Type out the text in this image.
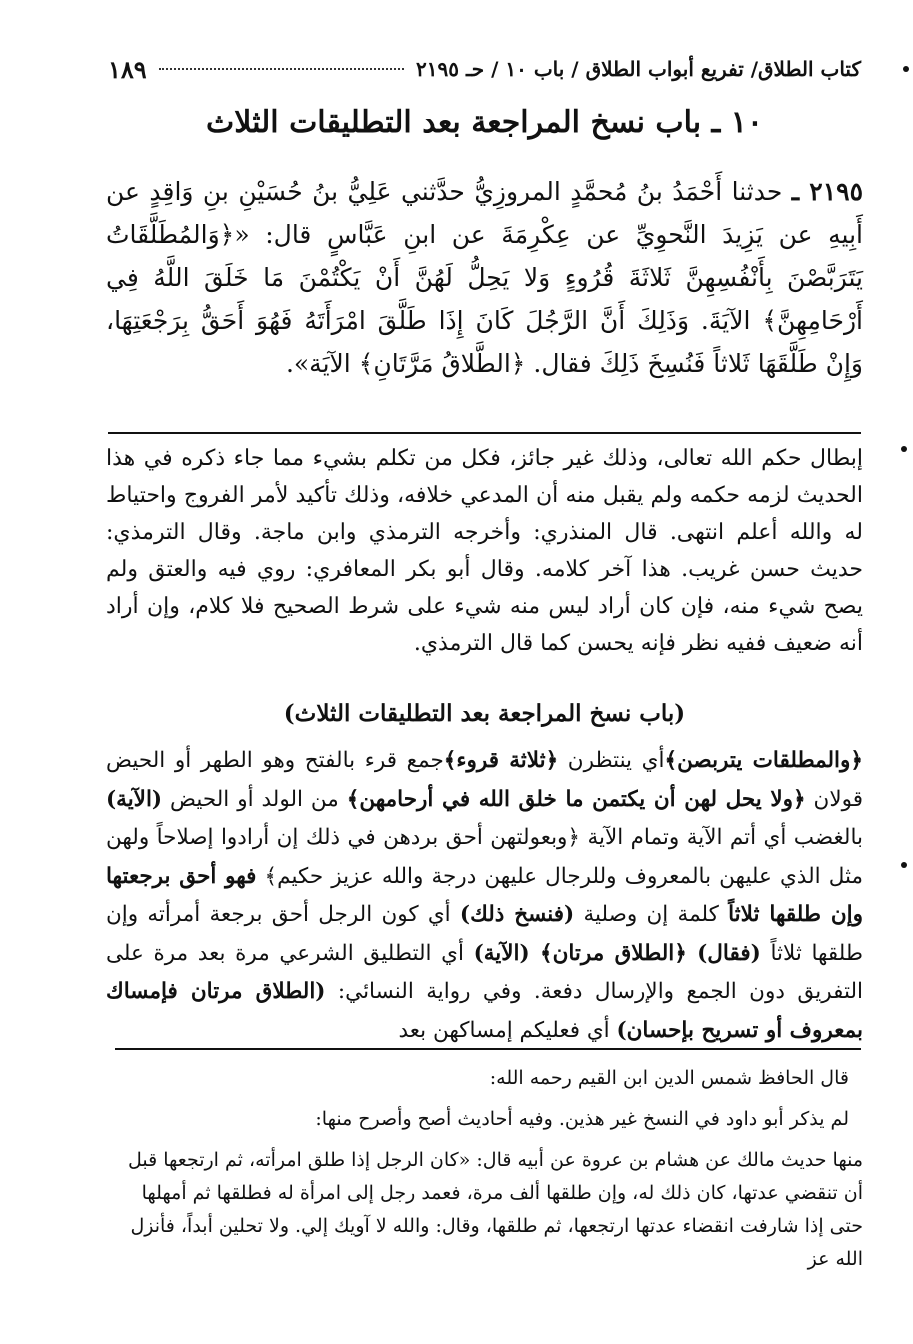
كتاب الطلاق/ تفريع أبواب الطلاق / باب ١٠ / حـ ٢١٩٥
١٨٩
١٠ ـ باب نسخ المراجعة بعد التطليقات الثلاث

٢١٩٥ ـ حدثنا أَحْمَدُ بنُ مُحمَّدٍ المروزِيُّ حدَّثني عَلِيُّ بنُ حُسَيْنِ بنِ وَاقِدٍ عن أَبِيهِ عن يَزِيدَ النَّحوِيِّ عن عِكْرِمَةَ عن ابنِ عَبَّاسٍ قال: «﴿وَالمُطَلَّقَاتُ يَتَرَبَّصْنَ بِأَنْفُسِهِنَّ ثَلاثَةَ قُرُوءٍ وَلا يَحِلُّ لَهُنَّ أَنْ يَكْتُمْنَ مَا خَلَقَ اللَّهُ فِي أَرْحَامِهِنَّ﴾ الآيَةَ. وَذَلِكَ أَنَّ الرَّجُلَ كَانَ إِذَا طَلَّقَ امْرَأَتَهُ فَهُوَ أَحَقُّ بِرَجْعَتِهَا، وَإِنْ طَلَّقَهَا ثَلاثاً فَنُسِخَ ذَلِكَ فقال. ﴿الطَّلاقُ مَرَّتَانِ﴾ الآيَة».

إبطال حكم الله تعالى، وذلك غير جائز، فكل من تكلم بشيء مما جاء ذكره في هذا الحديث لزمه حكمه ولم يقبل منه أن المدعي خلافه، وذلك تأكيد لأمر الفروج واحتياط له والله أعلم انتهى. قال المنذري: وأخرجه الترمذي وابن ماجة. وقال الترمذي: حديث حسن غريب. هذا آخر كلامه. وقال أبو بكر المعافري: روي فيه والعتق ولم يصح شيء منه، فإن كان أراد ليس منه شيء على شرط الصحيح فلا كلام، وإن أراد أنه ضعيف ففيه نظر فإنه يحسن كما قال الترمذي.

(باب نسخ المراجعة بعد التطليقات الثلاث)

﴿والمطلقات يتربصن﴾أي ينتظرن ﴿ثلاثة قروء﴾جمع قرء بالفتح وهو الطهر أو الحيض قولان ﴿ولا يحل لهن أن يكتمن ما خلق الله في أرحامهن﴾ من الولد أو الحيض (الآية) بالغضب أي أتم الآية وتمام الآية ﴿وبعولتهن أحق بردهن في ذلك إن أرادوا إصلاحاً ولهن مثل الذي عليهن بالمعروف وللرجال عليهن درجة والله عزيز حكيم﴾ فهو أحق برجعتها وإن طلقها ثلاثاً كلمة إن وصلية (فنسخ ذلك) أي كون الرجل أحق برجعة أمرأته وإن طلقها ثلاثاً (فقال) ﴿الطلاق مرتان﴾ (الآية) أي التطليق الشرعي مرة بعد مرة على التفريق دون الجمع والإرسال دفعة. وفي رواية النسائي: (الطلاق مرتان فإمساك بمعروف أو تسريح بإحسان) أي فعليكم إمساكهن بعد

قال الحافظ شمس الدين ابن القيم رحمه الله:

لم يذكر أبو داود في النسخ غير هذين. وفيه أحاديث أصح وأصرح منها:

منها حديث مالك عن هشام بن عروة عن أبيه قال: «كان الرجل إذا طلق امرأته، ثم ارتجعها قبل أن تنقضي عدتها، كان ذلك له، وإن طلقها ألف مرة، فعمد رجل إلى امرأة له فطلقها ثم أمهلها حتى إذا شارفت انقضاء عدتها ارتجعها، ثم طلقها، وقال: والله لا آويك إلي. ولا تحلين أبداً، فأنزل الله عز
